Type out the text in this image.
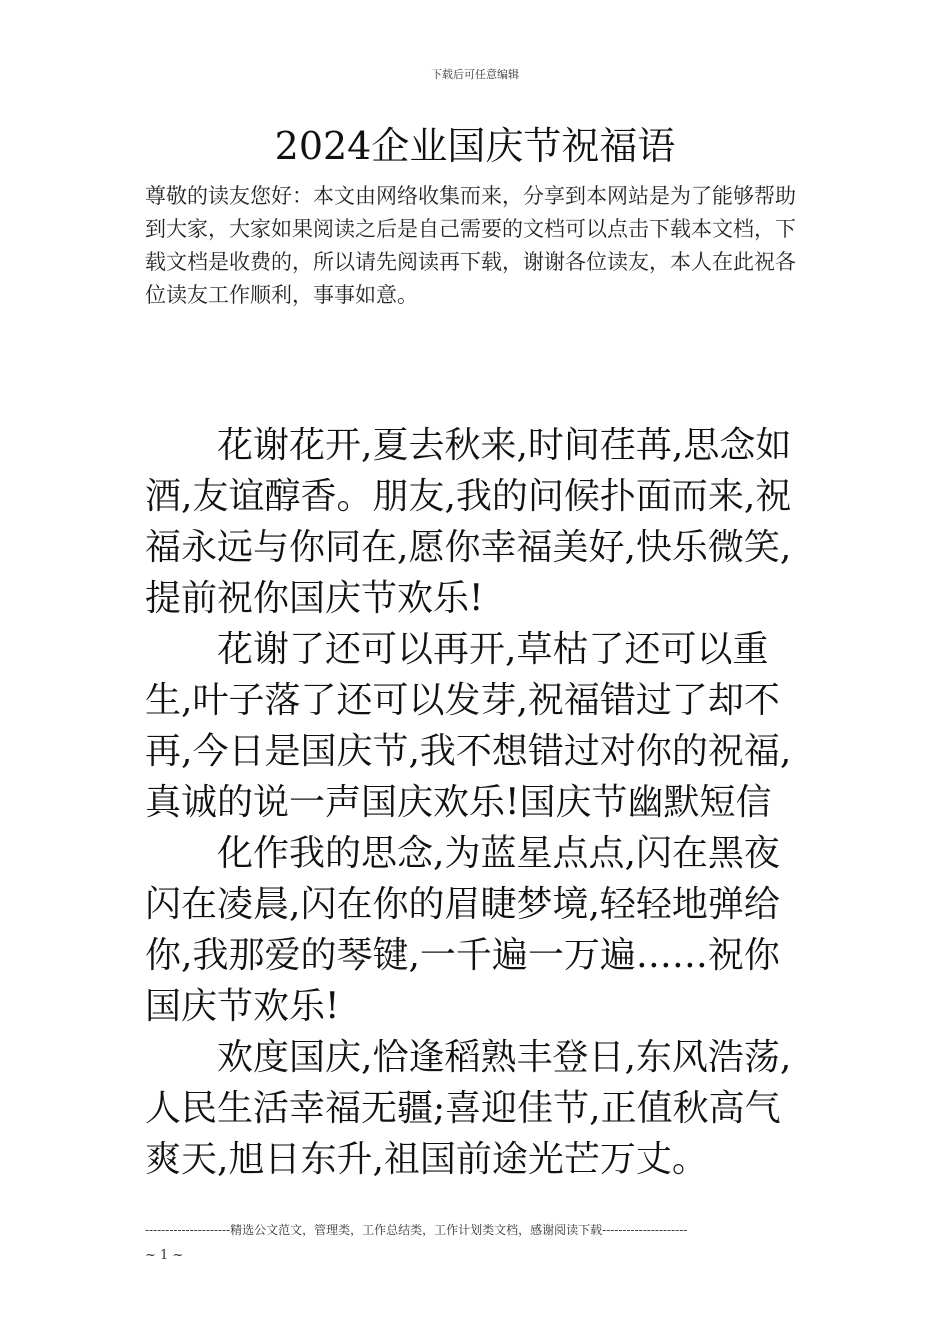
下载后可任意编辑
2024企业国庆节祝福语

尊敬的读友您好：本文由网络收集而来，分享到本网站是为了能够帮助到大家，大家如果阅读之后是自己需要的文档可以点击下载本文档，下载文档是收费的，所以请先阅读再下载，谢谢各位读友，本人在此祝各位读友工作顺利，事事如意。

花谢花开,夏去秋来,时间荏苒,思念如酒,友谊醇香。朋友,我的问候扑面而来,祝福永远与你同在,愿你幸福美好,快乐微笑,提前祝你国庆节欢乐!

花谢了还可以再开,草枯了还可以重生,叶子落了还可以发芽,祝福错过了却不再,今日是国庆节,我不想错过对你的祝福,真诚的说一声国庆欢乐!国庆节幽默短信

化作我的思念,为蓝星点点,闪在黑夜闪在凌晨,闪在你的眉睫梦境,轻轻地弹给你,我那爱的琴键,一千遍一万遍……祝你国庆节欢乐!

欢度国庆,恰逢稻熟丰登日,东风浩荡,人民生活幸福无疆;喜迎佳节,正值秋高气爽天,旭日东升,祖国前途光芒万丈。

---------------------精选公文范文，管理类，工作总结类，工作计划类文档，感谢阅读下载---------------------
~ 1 ~
